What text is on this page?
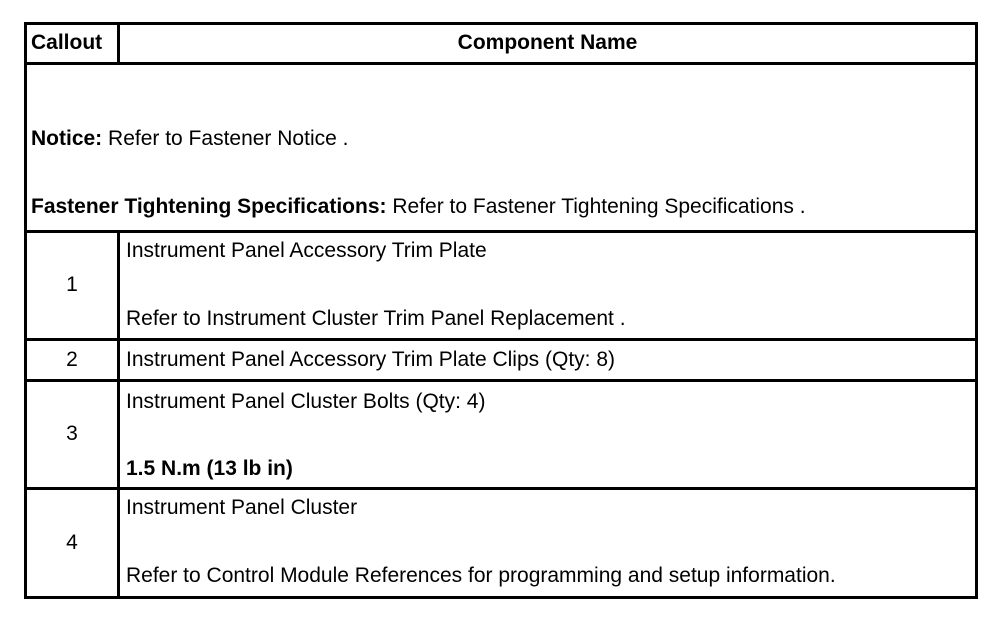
Callout	Component Name
Notice: Refer to Fastener Notice .
Fastener Tightening Specifications: Refer to Fastener Tightening Specifications .
1
Instrument Panel Accessory Trim Plate
Refer to Instrument Cluster Trim Panel Replacement .
2	Instrument Panel Accessory Trim Plate Clips (Qty: 8)
3
Instrument Panel Cluster Bolts (Qty: 4)
1.5 N.m (13 lb in)
4
Instrument Panel Cluster
Refer to Control Module References for programming and setup information.
